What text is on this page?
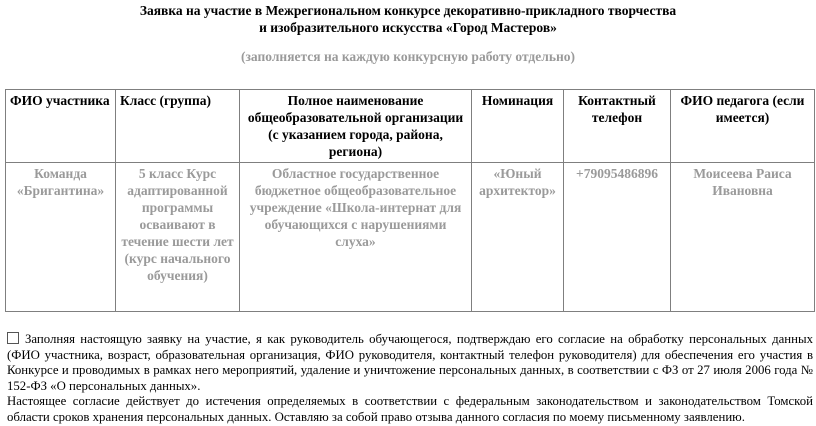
Заявка на участие в Межрегиональном конкурсе декоративно-прикладного творчества
и изобразительного искусства «Город Мастеров»
(заполняется на каждую конкурсную работу отдельно)
ФИО участника	Класс (группа)	Полное наименование общеобразовательной организации (с указанием города, района, региона)	Номинация	Контактный телефон	ФИО педагога (если имеется)
Команда «Бригантина»	5 класс Курс адаптированной программы осваивают в течение шести лет (курс начального обучения)	Областное государственное бюджетное общеобразовательное учреждение «Школа-интернат для обучающихся с нарушениями слуха»	«Юный архитектор»	+79095486896	Моисеева Раиса Ивановна

Заполняя настоящую заявку на участие, я как руководитель обучающегося, подтверждаю его согласие на обработку персональных данных (ФИО участника, возраст, образовательная организация, ФИО руководителя, контактный телефон руководителя) для обеспечения его участия в Конкурсе и проводимых в рамках него мероприятий, удаление и уничтожение персональных данных, в соответствии с ФЗ от 27 июля 2006 года № 152-ФЗ «О персональных данных».

Настоящее согласие действует до истечения определяемых в соответствии с федеральным законодательством и законодательством Томской области сроков хранения персональных данных. Оставляю за собой право отзыва данного согласия по моему письменному заявлению.
